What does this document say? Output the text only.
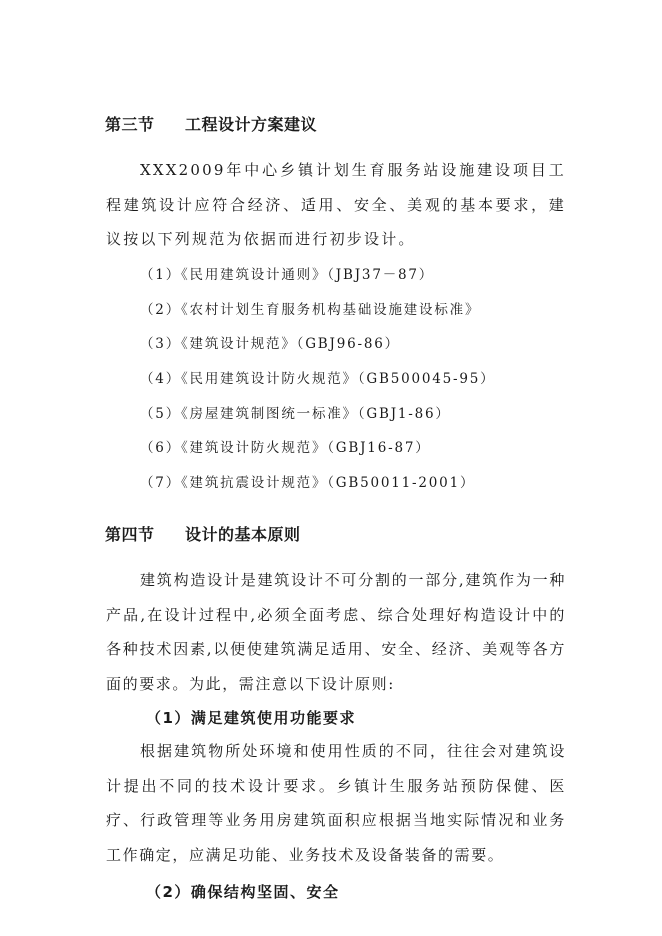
第三节 工程设计方案建议

XXX2009年中心乡镇计划生育服务站设施建设项目工程建筑设计应符合经济、适用、安全、美观的基本要求，建议按以下列规范为依据而进行初步设计。

（1）《民用建筑设计通则》（JBJ37－87）
（2）《农村计划生育服务机构基础设施建设标准》
（3）《建筑设计规范》（GBJ96-86）
（4）《民用建筑设计防火规范》（GB500045-95）
（5）《房屋建筑制图统一标准》（GBJ1-86）
（6）《建筑设计防火规范》（GBJ16-87）
（7）《建筑抗震设计规范》（GB50011-2001）
第四节 设计的基本原则

建筑构造设计是建筑设计不可分割的一部分,建筑作为一种产品,在设计过程中,必须全面考虑、综合处理好构造设计中的各种技术因素,以便使建筑满足适用、安全、经济、美观等各方面的要求。为此，需注意以下设计原则:

（1）满足建筑使用功能要求

根据建筑物所处环境和使用性质的不同，往往会对建筑设计提出不同的技术设计要求。乡镇计生服务站预防保健、医疗、行政管理等业务用房建筑面积应根据当地实际情况和业务工作确定，应满足功能、业务技术及设备装备的需要。

（2）确保结构坚固、安全
